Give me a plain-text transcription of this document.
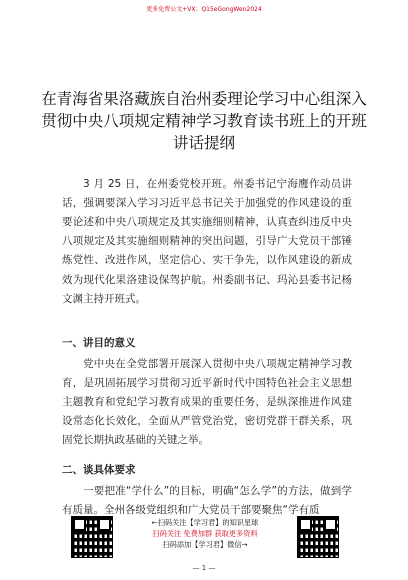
更多免费公文+VX：Q15eGongWen2024
在青海省果洛藏族自治州委理论学习中心组深入贯彻中央八项规定精神学习教育读书班上的开班讲话提纲

3 月 25 日，在州委党校开班。州委书记宁海鹰作动员讲话，强调要深入学习习近平总书记关于加强党的作风建设的重要论述和中央八项规定及其实施细则精神，认真查纠违反中央八项规定及其实施细则精神的突出问题，引导广大党员干部锤炼党性、改进作风，坚定信心、实干争先，以作风建设的新成效为现代化果洛建设保驾护航。州委副书记、玛沁县委书记杨文渊主持开班式。

一、讲目的意义

党中央在全党部署开展深入贯彻中央八项规定精神学习教育，是巩固拓展学习贯彻习近平新时代中国特色社会主义思想主题教育和党纪学习教育成果的重要任务，是纵深推进作风建设常态化长效化，全面从严管党治党，密切党群干群关系，巩固党长期执政基础的关键之举。

二、谈具体要求

一要把准“学什么”的目标，明确“怎么学”的方法，做到学有质量。全州各级党组织和广大党员干部要聚焦“学有质

←扫码关注【学习君】的知识星球
扫码关注 免费加群 获取更多资料
扫码添加【学习君】微信→
— 1 —
